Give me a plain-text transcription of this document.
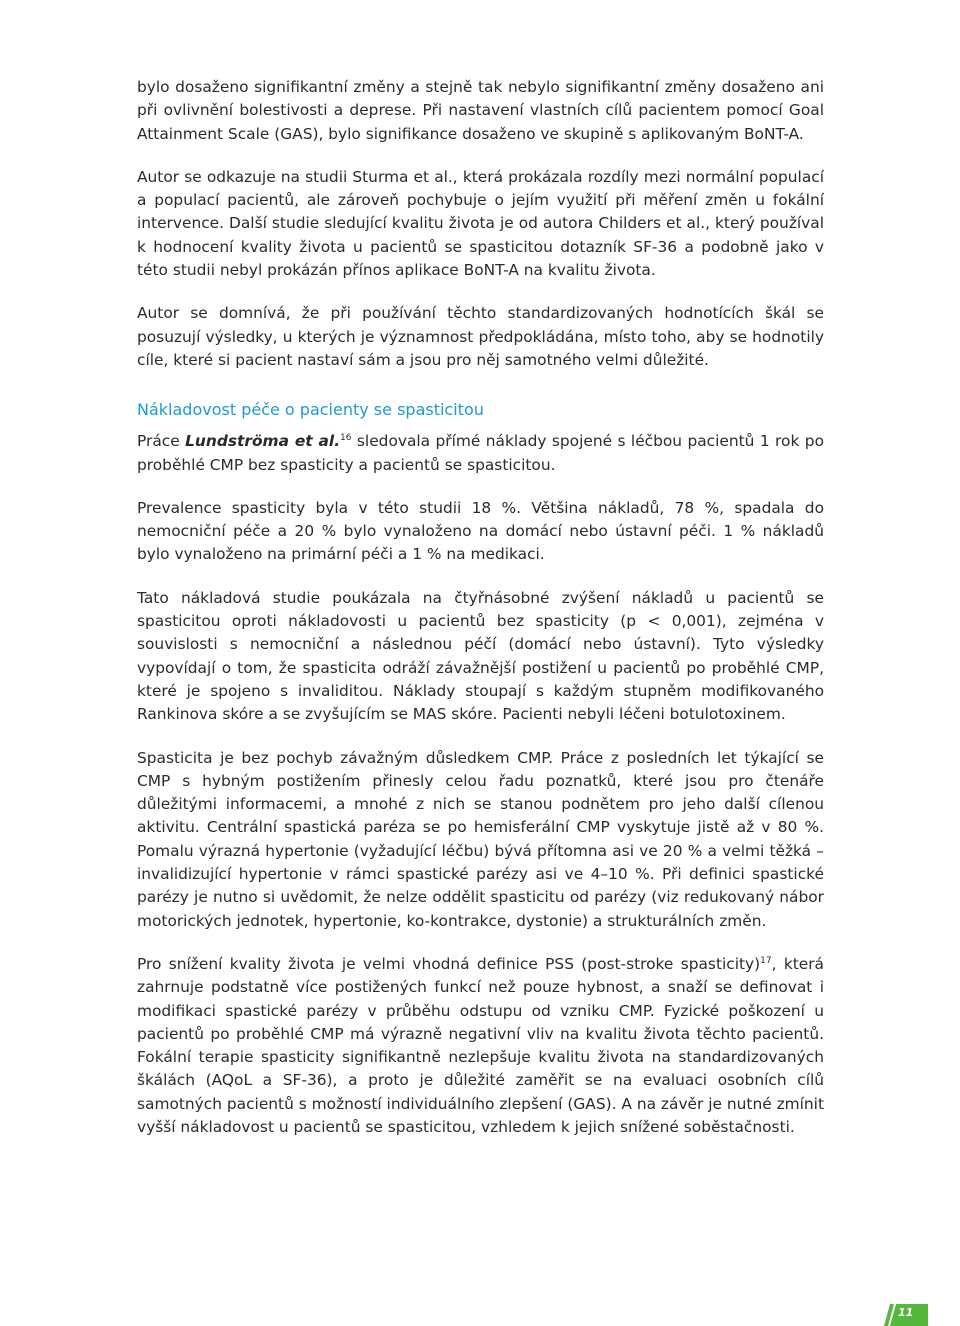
bylo dosaženo signifikantní změny a stejně tak nebylo signifikantní změny dosaženo ani při ovlivnění bolestivosti a deprese. Při nastavení vlastních cílů pacientem pomocí Goal Attainment Scale (GAS), bylo signifikance dosaženo ve skupině s aplikovaným BoNT-A.

Autor se odkazuje na studii Sturma et al., která prokázala rozdíly mezi normální populací a populací pacientů, ale zároveň pochybuje o jejím využití při měření změn u fokální intervence. Další studie sledující kvalitu života je od autora Childers et al., který používal k hodnocení kvality života u pacientů se spasticitou dotazník SF-36 a podobně jako v této studii nebyl prokázán přínos aplikace BoNT-A na kvalitu života.

Autor se domnívá, že při používání těchto standardizovaných hodnotících škál se posuzují výsledky, u kterých je významnost předpokládána, místo toho, aby se hodnotily cíle, které si pacient nastaví sám a jsou pro něj samotného velmi důležité.

Nákladovost péče o pacienty se spasticitou

Práce Lundströma et al.$^{16}$ sledovala přímé náklady spojené s léčbou pacientů 1 rok po proběhlé CMP bez spasticity a pacientů se spasticitou.

Prevalence spasticity byla v této studii 18 %. Většina nákladů, 78 %, spadala do nemocniční péče a 20 % bylo vynaloženo na domácí nebo ústavní péči. 1 % nákladů bylo vynaloženo na primární péči a 1 % na medikaci.

Tato nákladová studie poukázala na čtyřnásobné zvýšení nákladů u pacientů se spasticitou oproti nákladovosti u pacientů bez spasticity (p < 0,001), zejména v souvislosti s nemocniční a následnou péčí (domácí nebo ústavní). Tyto výsledky vypovídají o tom, že spasticita odráží závažnější postižení u pacientů po proběhlé CMP, které je spojeno s invaliditou. Náklady stoupají s každým stupněm modifikovaného Rankinova skóre a se zvyšujícím se MAS skóre. Pacienti nebyli léčeni botulotoxinem.

Spasticita je bez pochyb závažným důsledkem CMP. Práce z posledních let týkající se CMP s hybným postižením přinesly celou řadu poznatků, které jsou pro čtenáře důležitými informacemi, a mnohé z nich se stanou podnětem pro jeho další cílenou aktivitu. Centrální spastická paréza se po hemisferální CMP vyskytuje jistě až v 80 %. Pomalu výrazná hypertonie (vyžadující léčbu) bývá přítomna asi ve 20 % a velmi těžká – invalidizující hypertonie v rámci spastické parézy asi ve 4–10 %. Při definici spastické parézy je nutno si uvědomit, že nelze oddělit spasticitu od parézy (viz redukovaný nábor motorických jednotek, hypertonie, ko-kontrakce, dystonie) a strukturálních změn.

Pro snížení kvality života je velmi vhodná definice PSS (post-stroke spasticity)$^{17}$, která zahrnuje podstatně více postižených funkcí než pouze hybnost, a snaží se definovat i modifikaci spastické parézy v průběhu odstupu od vzniku CMP. Fyzické poškození u pacientů po proběhlé CMP má výrazně negativní vliv na kvalitu života těchto pacientů. Fokální terapie spasticity signifikantně nezlepšuje kvalitu života na standardizovaných škálách (AQoL a SF-36), a proto je důležité zaměřit se na evaluaci osobních cílů samotných pacientů s možností individuálního zlepšení (GAS). A na závěr je nutné zmínit vyšší nákladovost u pacientů se spasticitou, vzhledem k jejich snížené soběstačnosti.

11
